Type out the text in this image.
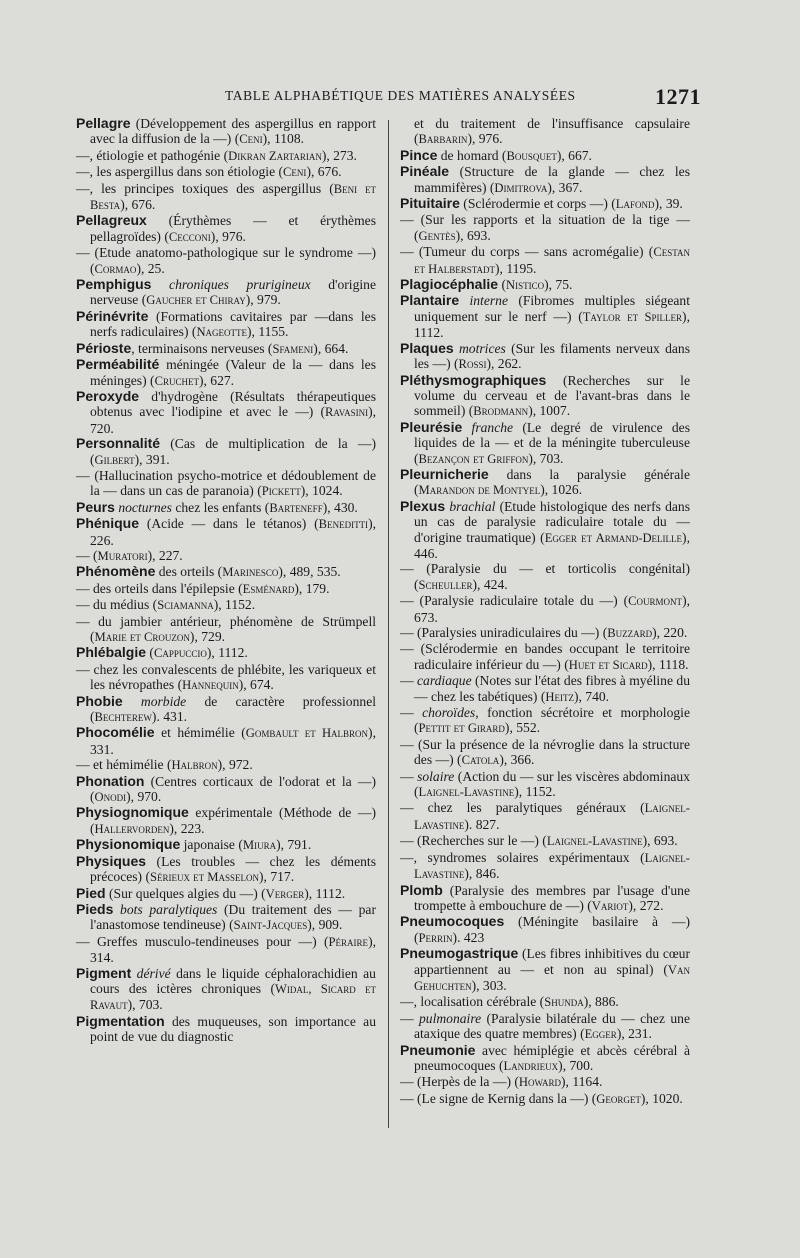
TABLE ALPHABÉTIQUE DES MATIÈRES ANALYSÉES	1271

Pellagre (Développement des aspergillus en rapport avec la diffusion de la —) (Ceni), 1108.

—, étiologie et pathogénie (Dikran Zartarian), 273.

—, les aspergillus dans son étiologie (Ceni), 676.

—, les principes toxiques des aspergillus (Beni et Besta), 676.

Pellagreux (Érythèmes — et érythèmes pellagroïdes) (Cecconi), 976.

— (Etude anatomo-pathologique sur le syndrome —) (Cormao), 25.

Pemphigus chroniques pruriginеux d'origine nerveuse (Gaucher et Chiray), 979.

Périnévrite (Formations cavitaires par —dans les nerfs radiculaires) (Nageotte), 1155.

Périoste, terminaisons nerveuses (Sfameni), 664.

Perméabilité méningée (Valeur de la — dans les méninges) (Cruchet), 627.

Peroxyde d'hydrogène (Résultats thérapeutiques obtenus avec l'iodipine et avec le —) (Ravasini), 720.

Personnalité (Cas de multiplication de la —) (Gilbert), 391.

— (Hallucination psycho-motrice et dédoublement de la — dans un cas de paranoia) (Pickett), 1024.

Peurs nocturnes chez les enfants (Barteneff), 430.

Phénique (Acide — dans le tétanos) (Beneditti), 226.

— (Muratori), 227.

Phénomène des orteils (Marinesco), 489, 535.

— des orteils dans l'épilepsie (Esménard), 179.

— du médius (Sciamanna), 1152.

— du jambier antérieur, phénomène de Strümpell (Marie et Crouzon), 729.

Phlébalgie (Cappuccio), 1112.

— chez les convalescents de phlébite, les variqueux et les névropathes (Hannequin), 674.

Phobie morbide de caractère professionnel (Bechterew). 431.

Phocomélie et hémimélie (Gombault et Halbron), 331.

— et hémimélie (Halbron), 972.

Phonation (Centres corticaux de l'odorat et la —) (Onodi), 970.

Physiognomique expérimentale (Méthode de —) (Hallervorden), 223.

Physionomique japonaise (Miura), 791.

Physiques (Les troubles — chez les déments précoces) (Sérieux et Masselon), 717.

Pied (Sur quelques algies du —) (Verger), 1112.

Pieds bots paralytiques (Du traitement des — par l'anastomose tendineuse) (Saint-Jacques), 909.

— Greffes musculo-tendineuses pour —) (Péraire), 314.

Pigment dérivé dans le liquide céphalorachidien au cours des ictères chroniques (Widal, Sicard et Ravaut), 703.

Pigmentation des muqueuses, son importance au point de vue du diagnostic

et du traitement de l'insuffisance capsulaire (Barbarin), 976.

Pince de homard (Bousquet), 667.

Pinéale (Structure de la glande — chez les mammifères) (Dimitrova), 367.

Pituitaire (Sclérodermie et corps —) (Lafond), 39.

— (Sur les rapports et la situation de la tige — (Gentès), 693.

— (Tumeur du corps — sans acromégalie) (Cestan et Halberstadt), 1195.

Plagiocéphalie (Nistico), 75.

Plantaire interne (Fibromes multiples siégeant uniquement sur le nerf —) (Taylor et Spiller), 1112.

Plaques motrices (Sur les filaments nerveux dans les —) (Rossi), 262.

Pléthysmographiques (Recherches sur le volume du cerveau et de l'avant-bras dans le sommeil) (Brodmann), 1007.

Pleurésie franche (Le degré de virulence des liquides de la — et de la méningite tuberculeuse (Bezançon et Griffon), 703.

Pleurnicherie dans la paralysie générale (Marandon de Montyel), 1026.

Plexus brachial (Etude histologique des nerfs dans un cas de paralysie radiculaire totale du — d'origine traumatique) (Egger et Armand-Delille), 446.

— (Paralysie du — et torticolis congénital) (Scheuller), 424.

— (Paralysie radiculaire totale du —) (Courmont), 673.

— (Paralysies uniradiculaires du —) (Buzzard), 220.

— (Sclérodermie en bandes occupant le territoire radiculaire inférieur du —) (Huet et Sicard), 1118.

— cardiaque (Notes sur l'état des fibres à myéline du — chez les tabétiques) (Heitz), 740.

— choroïdes, fonction sécrétoire et morphologie (Pettit et Girard), 552.

— (Sur la présence de la névroglie dans la structure des —) (Catola), 366.

— solaire (Action du — sur les viscères abdominaux (Laignel-Lavastine), 1152.

— chez les paralytiques généraux (Laignel-Lavastine). 827.

— (Recherches sur le —) (Laignel-Lavastine), 693.

—, syndromes solaires expérimentaux (Laignel-Lavastine), 846.

Plomb (Paralysie des membres par l'usage d'une trompette à embouchure de —) (Variot), 272.

Pneumocoques (Méningite basilaire à —) (Perrin). 423

Pneumogastrique (Les fibres inhibitives du cœur appartiennent au — et non au spinal) (Van Gehuchten), 303.

—, localisation cérébrale (Shunda), 886.

— pulmonaire (Paralysie bilatérale du — chez une ataxique des quatre membres) (Egger), 231.

Pneumonie avec hémiplégie et abcès cérébral à pneumocoques (Landrieux), 700.

— (Herpès de la —) (Howard), 1164.

— (Le signe de Kernig dans la —) (Georget), 1020.
